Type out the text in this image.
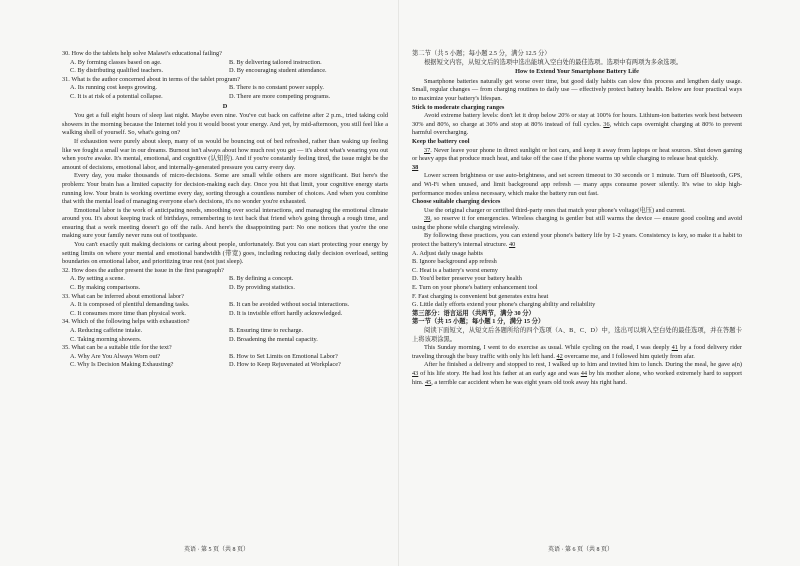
30. How do the tablets help solve Malawi's educational failing?
A. By forming classes based on age.	B. By delivering tailored instruction.
C. By distributing qualified teachers.	D. By encouraging student attendance.
31. What is the author concerned about in terms of the tablet program?
A. Its running cost keeps growing.	B. There is no constant power supply.
C. It is at risk of a potential collapse.	D. There are more competing programs.
D

You get a full eight hours of sleep last night. Maybe even nine. You've cut back on caffeine after 2 p.m., tried taking cold showers in the morning because the Internet told you it would boost your energy. And yet, by mid-afternoon, you still feel like a walking shell of yourself. So, what's going on?

If exhaustion were purely about sleep, many of us would be bouncing out of bed refreshed, rather than waking up feeling like we fought a small war in our dreams. Burnout isn't always about how much rest you get — it's about what's wearing you out when you're awake. It's mental, emotional, and cognitive (认知的). And if you're constantly feeling tired, the issue might be the amount of decisions, emotional labor, and internally-generated pressure you carry every day.

Every day, you make thousands of micro-decisions. Some are small while others are more significant. But here's the problem: Your brain has a limited capacity for decision-making each day. Once you hit that limit, your cognitive energy starts running low. Your brain is working overtime every day, sorting through a countless number of choices. And when you combine that with the mental load of managing everyone else's decisions, it's no wonder you're exhausted.

Emotional labor is the work of anticipating needs, smoothing over social interactions, and managing the emotional climate around you. It's about keeping track of birthdays, remembering to text back that friend who's going through a rough time, and ensuring that a work meeting doesn't go off the rails. And here's the disappointing part: No one notices that you're the one making sure your family never runs out of toothpaste.

You can't exactly quit making decisions or caring about people, unfortunately. But you can start protecting your energy by setting limits on where your mental and emotional bandwidth (带宽) goes, including reducing daily decision overload, setting boundaries on emotional labor, and prioritizing true rest (not just sleep).

32. How does the author present the issue in the first paragraph?
A. By setting a scene.	B. By defining a concept.
C. By making comparisons.	D. By providing statistics.
33. What can be inferred about emotional labor?
A. It is composed of plentiful demanding tasks.	B. It can be avoided without social interactions.
C. It consumes more time than physical work.	D. It is invisible effort hardly acknowledged.
34. Which of the following helps with exhaustion?
A. Reducing caffeine intake.	B. Ensuring time to recharge.
C. Taking morning showers.	D. Broadening the mental capacity.
35. What can be a suitable title for the text?
A. Why Are You Always Worn out?	B. How to Set Limits on Emotional Labor?
C. Why Is Decision Making Exhausting?	D. How to Keep Rejuvenated at Workplace?
英语 · 第 5 页（共 8 页）
第二节（共 5 小题；每小题 2.5 分，满分 12.5 分）

根据短文内容，从短文后的选项中选出能填入空白处的最佳选项。选项中有两项为多余选项。

How to Extend Your Smartphone Battery Life

Smartphone batteries naturally get worse over time, but good daily habits can slow this process and lengthen daily usage. Small, regular changes — from charging routines to daily use — effectively protect battery health. Below are four practical ways to maximize your battery's lifespan.

Stick to moderate charging ranges

Avoid extreme battery levels: don't let it drop below 20% or stay at 100% for hours. Lithium-ion batteries work best between 30% and 80%, so charge at 30% and stop at 80% instead of full cycles. 36, which caps overnight charging at 80% to prevent harmful overcharging.

Keep the battery cool

37. Never leave your phone in direct sunlight or hot cars, and keep it away from laptops or heat sources. Shut down gaming or heavy apps that produce much heat, and take off the case if the phone warms up while charging to release heat quickly.

38

Lower screen brightness or use auto-brightness, and set screen timeout to 30 seconds or 1 minute. Turn off Bluetooth, GPS, and Wi-Fi when unused, and limit background app refresh — many apps consume power silently. It's wise to skip high-performance modes unless necessary, which make the battery run out fast.

Choose suitable charging devices

Use the original charger or certified third-party ones that match your phone's voltage(电压) and current.

39, so reserve it for emergencies. Wireless charging is gentler but still warms the device — ensure good cooling and avoid using the phone while charging wirelessly.

By following these practices, you can extend your phone's battery life by 1-2 years. Consistency is key, so make it a habit to protect the battery's internal structure. 40

A. Adjust daily usage habits
B. Ignore background app refresh
C. Heat is a battery's worst enemy
D. You'd better preserve your battery health
E. Turn on your phone's battery enhancement tool
F. Fast charging is convenient but generates extra heat
G. Little daily efforts extend your phone's charging ability and reliability
第三部分：语言运用（共两节，满分 30 分）
第一节（共 15 小题；每小题 1 分，满分 15 分）

阅读下面短文，从短文后各题所给的四个选项（A、B、C、D）中，选出可以填入空白处的最佳选项，并在答题卡上将该项涂黑。

This Sunday morning, I went to do exercise as usual. While cycling on the road, I was deeply 41 by a food delivery rider traveling through the busy traffic with only his left hand. 42 overcame me, and I followed him quietly from afar.

After he finished a delivery and stopped to rest, I walked up to him and invited him to lunch. During the meal, he gave a(n) 43 of his life story. He had lost his father at an early age and was 44 by his mother alone, who worked extremely hard to support him. 45, a terrible car accident when he was eight years old took away his right hand.

英语 · 第 6 页（共 8 页）
